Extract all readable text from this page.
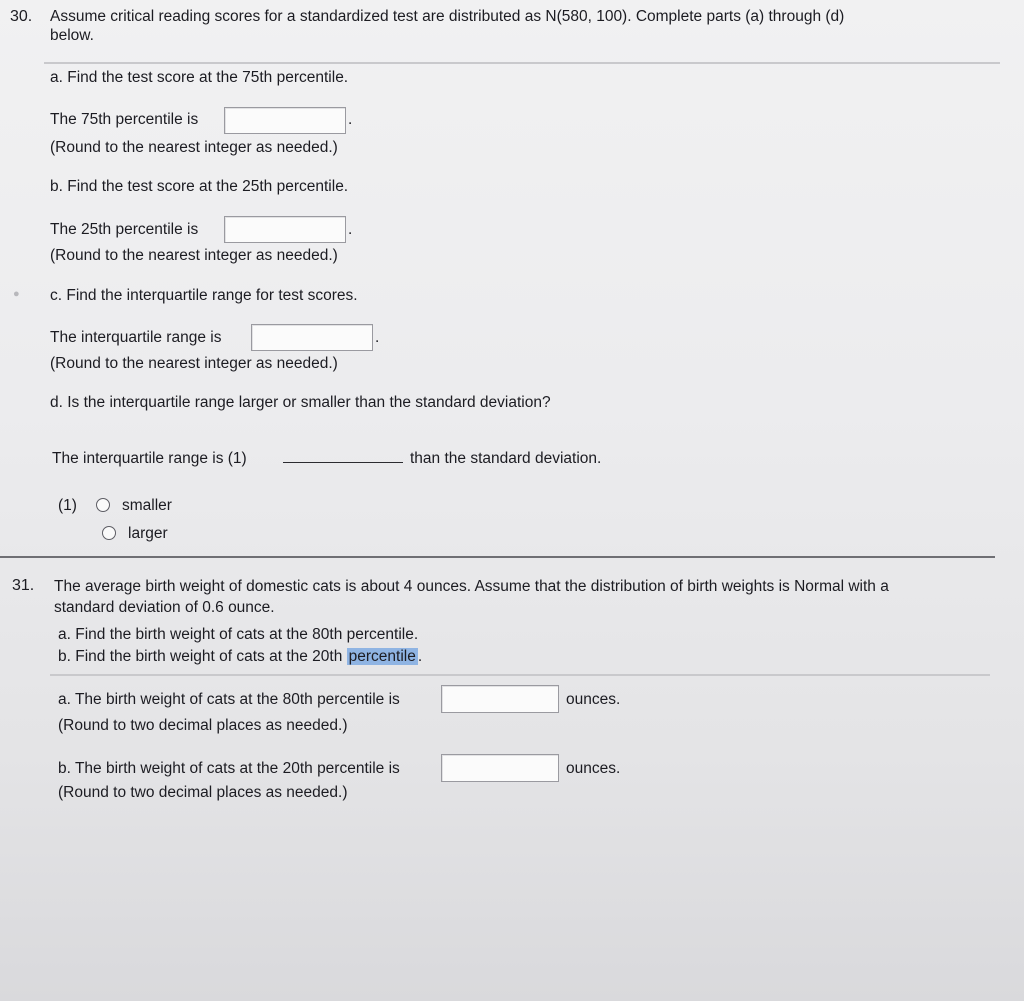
30. Assume critical reading scores for a standardized test are distributed as N(580, 100). Complete parts (a) through (d)
below.
a. Find the test score at the 75th percentile.
The 75th percentile is	.
(Round to the nearest integer as needed.)
b. Find the test score at the 25th percentile.
The 25th percentile is	.
(Round to the nearest integer as needed.)
● c. Find the interquartile range for test scores.
The interquartile range is	.
(Round to the nearest integer as needed.)
d. Is the interquartile range larger or smaller than the standard deviation?
The interquartile range is (1)	than the standard deviation.
(1)	smaller
larger
31. The average birth weight of domestic cats is about 4 ounces. Assume that the distribution of birth weights is Normal with a
standard deviation of 0.6 ounce.
a. Find the birth weight of cats at the 80th percentile.
b. Find the birth weight of cats at the 20th percentile .
a. The birth weight of cats at the 80th percentile is	ounces.
(Round to two decimal places as needed.)
b. The birth weight of cats at the 20th percentile is	ounces.
(Round to two decimal places as needed.)
